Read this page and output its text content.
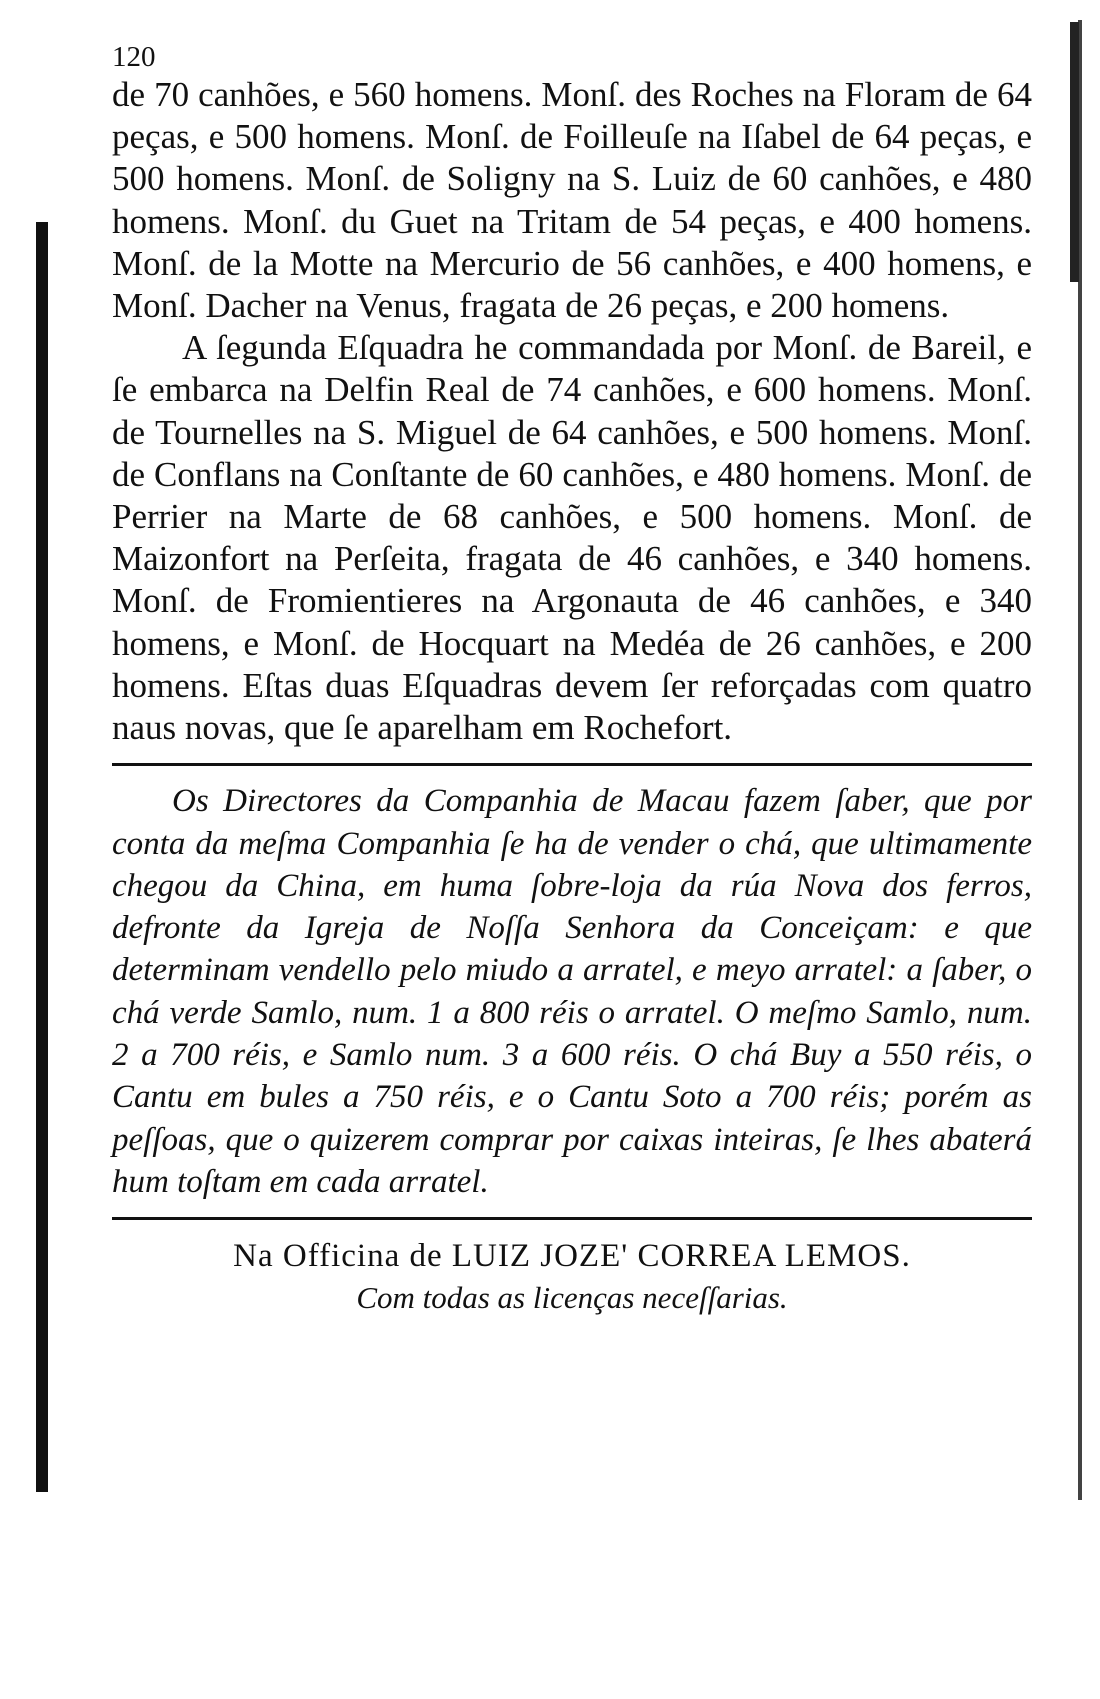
120

de 70 canhões, e 560 homens. Monſ. des Roches na Floram de 64 peças, e 500 homens. Monſ. de Foilleuſe na Iſabel de 64 peças, e 500 homens. Monſ. de Soligny na S. Luiz de 60 canhões, e 480 homens. Monſ. du Guet na Tritam de 54 peças, e 400 homens. Monſ. de la Motte na Mercurio de 56 canhões, e 400 homens, e Monſ. Dacher na Venus, fragata de 26 peças, e 200 homens.

A ſegunda Eſquadra he commandada por Monſ. de Bareil, e ſe embarca na Delfin Real de 74 canhões, e 600 homens. Monſ. de Tournelles na S. Miguel de 64 canhões, e 500 homens. Monſ. de Conflans na Conſtante de 60 canhões, e 480 homens. Monſ. de Perrier na Marte de 68 canhões, e 500 homens. Monſ. de Maizonfort na Perſeita, fragata de 46 canhões, e 340 homens. Monſ. de Fromientieres na Argonauta de 46 canhões, e 340 homens, e Monſ. de Hocquart na Medéa de 26 canhões, e 200 homens. Eſtas duas Eſquadras devem ſer reforçadas com quatro naus novas, que ſe aparelham em Rochefort.

Os Directores da Companhia de Macau fazem ſaber, que por conta da meſma Companhia ſe ha de vender o chá, que ultimamente chegou da China, em huma ſobre-loja da rúa Nova dos ferros, defronte da Igreja de Noſſa Senhora da Conceiçam: e que determinam vendello pelo miudo a arratel, e meyo arratel: a ſaber, o chá verde Samlo, num. 1 a 800 réis o arratel. O meſmo Samlo, num. 2 a 700 réis, e Samlo num. 3 a 600 réis. O chá Buy a 550 réis, o Cantu em bules a 750 réis, e o Cantu Soto a 700 réis; porém as peſſoas, que o quizerem comprar por caixas inteiras, ſe lhes abaterá hum toſtam em cada arratel.

Na Officina de LUIZ JOZE' CORREA LEMOS.
Com todas as licenças neceſſarias.
